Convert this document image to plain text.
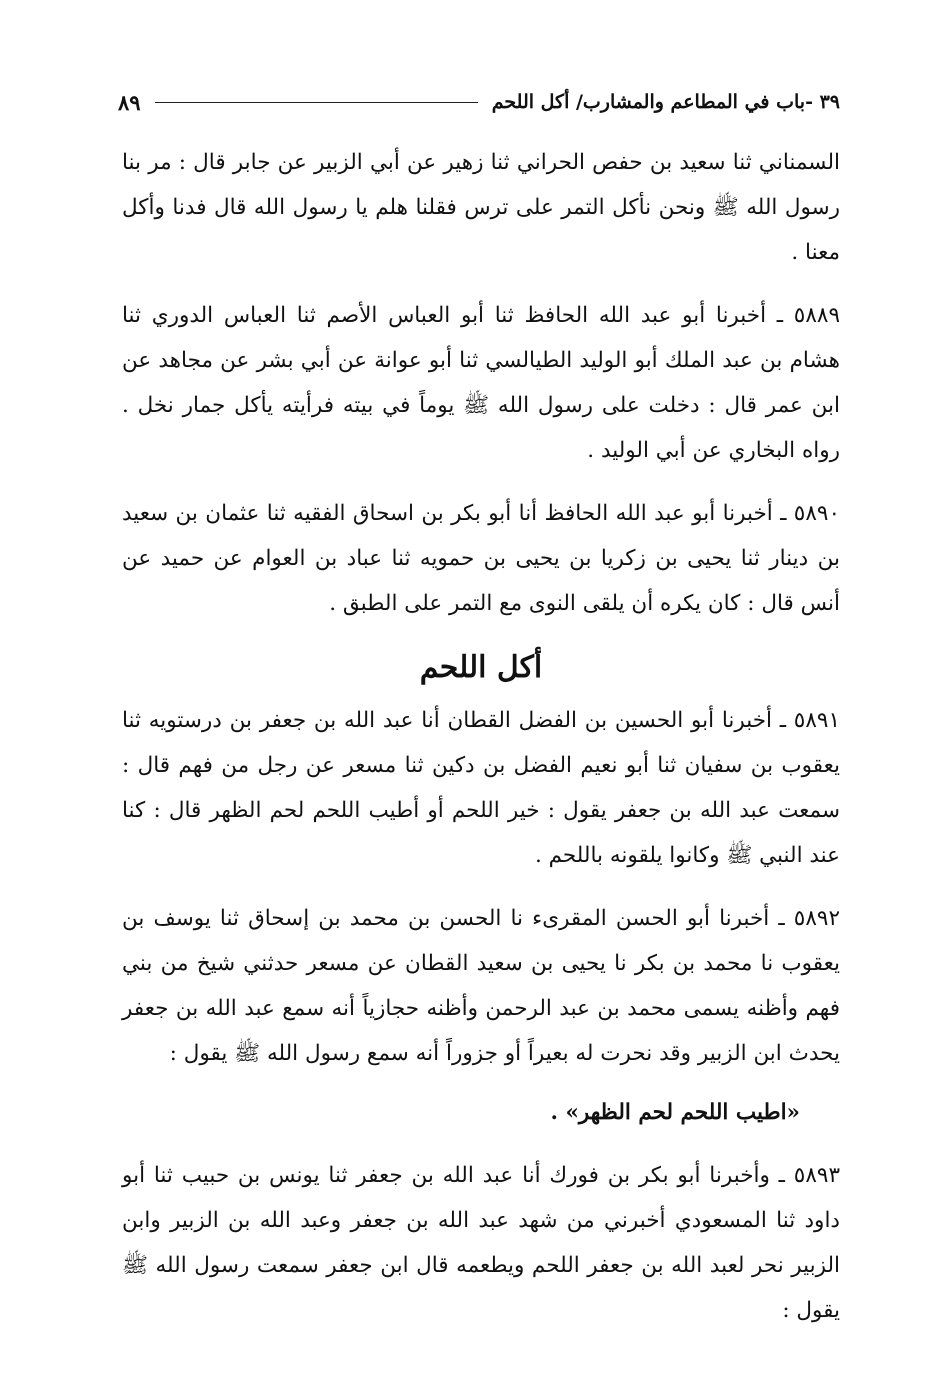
٣٩ -باب في المطاعم والمشارب/ أكل اللحم
٨٩

السمناني ثنا سعيد بن حفص الحراني ثنا زهير عن أبي الزبير عن جابر قال : مر بنا رسول الله ﷺ ونحن نأكل التمر على ترس فقلنا هلم يا رسول الله قال فدنا وأكل معنا .

٥٨٨٩ ـ أخبرنا أبو عبد الله الحافظ ثنا أبو العباس الأصم ثنا العباس الدوري ثنا هشام بن عبد الملك أبو الوليد الطيالسي ثنا أبو عوانة عن أبي بشر عن مجاهد عن ابن عمر قال : دخلت على رسول الله ﷺ يوماً في بيته فرأيته يأكل جمار نخل . رواه البخاري عن أبي الوليد .

٥٨٩٠ ـ أخبرنا أبو عبد الله الحافظ أنا أبو بكر بن اسحاق الفقيه ثنا عثمان بن سعيد بن دينار ثنا يحيى بن زكريا بن يحيى بن حمويه ثنا عباد بن العوام عن حميد عن أنس قال : كان يكره أن يلقى النوى مع التمر على الطبق .

أكل اللحم

٥٨٩١ ـ أخبرنا أبو الحسين بن الفضل القطان أنا عبد الله بن جعفر بن درستويه ثنا يعقوب بن سفيان ثنا أبو نعيم الفضل بن دكين ثنا مسعر عن رجل من فهم قال : سمعت عبد الله بن جعفر يقول : خير اللحم أو أطيب اللحم لحم الظهر قال : كنا عند النبي ﷺ وكانوا يلقونه باللحم .

٥٨٩٢ ـ أخبرنا أبو الحسن المقرىء نا الحسن بن محمد بن إسحاق ثنا يوسف بن يعقوب نا محمد بن بكر نا يحيى بن سعيد القطان عن مسعر حدثني شيخ من بني فهم وأظنه يسمى محمد بن عبد الرحمن وأظنه حجازياً أنه سمع عبد الله بن جعفر يحدث ابن الزبير وقد نحرت له بعيراً أو جزوراً أنه سمع رسول الله ﷺ يقول :

«اطيب اللحم لحم الظهر» .

٥٨٩٣ ـ وأخبرنا أبو بكر بن فورك أنا عبد الله بن جعفر ثنا يونس بن حبيب ثنا أبو داود ثنا المسعودي أخبرني من شهد عبد الله بن جعفر وعبد الله بن الزبير وابن الزبير نحر لعبد الله بن جعفر اللحم ويطعمه قال ابن جعفر سمعت رسول الله ﷺ يقول :
